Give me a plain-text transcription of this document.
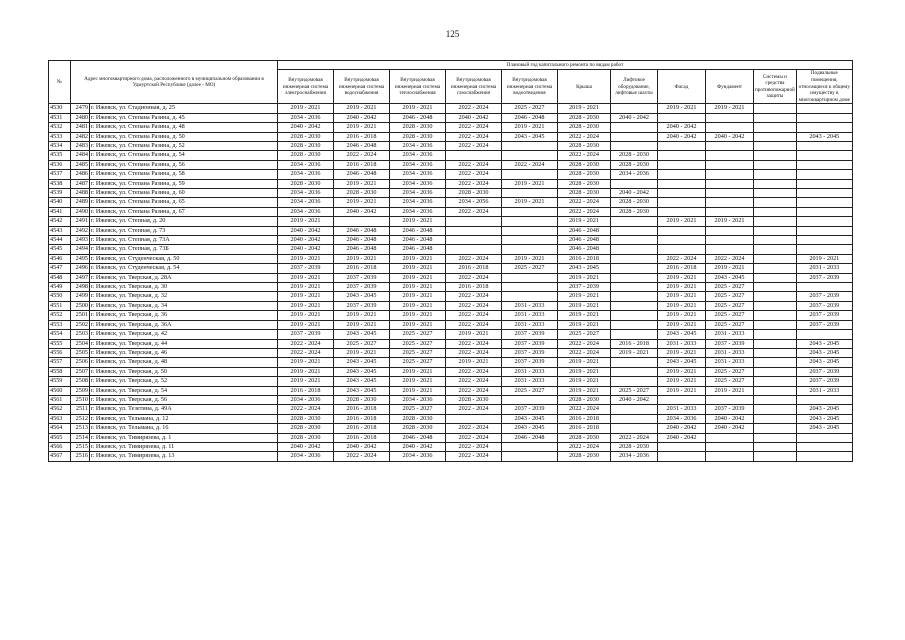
125
№	Адрес многоквартирного дома, расположенного в муниципальном образовании в Удмуртской Республике (далее - МО)		Плановый год капитального ремонта по видам работ										
			Внутридомовая инженерная система электроснабжения	Внутридомовая инженерная система водоснабжения	Внутридомовая инженерная система теплоснабжения	Внутридомовая инженерная система газоснабжения	Внутридомовая инженерная система водоотведения	Крыша	Лифтовое оборудование, лифтовые шахты	Фасад	Фундамент	Системы и средства противопожарной защиты	Подвальные помещения, относящиеся к общему имуществу в многоквартирном доме
4530	2479	г. Ижевск, ул. Стадионная, д. 25	2019 - 2021	2019 - 2021	2019 - 2021	2022 - 2024	2025 - 2027	2019 - 2021		2019 - 2021	2019 - 2021		
4531	2480	г. Ижевск, ул. Степана Разина, д. 45	2034 - 2036	2040 - 2042	2046 - 2048	2040 - 2042	2046 - 2048	2028 - 2030	2040 - 2042				
4532	2481	г. Ижевск, ул. Степана Разина, д. 48	2040 - 2042	2019 - 2021	2028 - 2030	2022 - 2024	2019 - 2021	2028 - 2030		2040 - 2042			
4533	2482	г. Ижевск, ул. Степана Разина, д. 50	2028 - 2030	2016 - 2018	2028 - 2030	2022 - 2024	2043 - 2045	2022 - 2024		2040 - 2042	2040 - 2042		2043 - 2045
4534	2483	г. Ижевск, ул. Степана Разина, д. 52	2028 - 2030	2046 - 2048	2034 - 2036	2022 - 2024		2028 - 2030					
4535	2484	г. Ижевск, ул. Степана Разина, д. 54	2028 - 2030	2022 - 2024	2034 - 2036			2022 - 2024	2028 - 2030				
4536	2485	г. Ижевск, ул. Степана Разина, д. 56	2034 - 2036	2016 - 2018	2034 - 2036	2022 - 2024	2022 - 2024	2028 - 2030	2028 - 2030				
4537	2486	г. Ижевск, ул. Степана Разина, д. 58	2034 - 2036	2046 - 2048	2034 - 2036	2022 - 2024		2028 - 2030	2034 - 2036				
4538	2487	г. Ижевск, ул. Степана Разина, д. 59	2028 - 2030	2019 - 2021	2034 - 2036	2022 - 2024	2019 - 2021	2028 - 2030					
4539	2488	г. Ижевск, ул. Степана Разина, д. 60	2034 - 2036	2028 - 2030	2034 - 2036	2028 - 2030		2028 - 2030	2040 - 2042				
4540	2489	г. Ижевск, ул. Степана Разина, д. 65	2034 - 2036	2019 - 2021	2034 - 2036	2034 - 2056	2019 - 2021	2022 - 2024	2028 - 2030				
4541	2490	г. Ижевск, ул. Степана Разина, д. 67	2034 - 2036	2040 - 2042	2034 - 2036	2022 - 2024		2022 - 2024	2028 - 2030				
4542	2491	г. Ижевск, ул. Степная, д. 20	2019 - 2021		2019 - 2021			2019 - 2021		2019 - 2021	2019 - 2021		
4543	2492	г. Ижевск, ул. Степная, д. 73	2040 - 2042	2046 - 2048	2046 - 2048			2046 - 2048					
4544	2493	г. Ижевск, ул. Степная, д. 73А	2040 - 2042	2046 - 2048	2046 - 2048			2046 - 2048					
4545	2494	г. Ижевск, ул. Степная, д. 73Б	2040 - 2042	2046 - 2048	2046 - 2048			2046 - 2048					
4546	2495	г. Ижевск, ул. Студенческая, д. 50	2019 - 2021	2019 - 2021	2019 - 2021	2022 - 2024	2019 - 2021	2016 - 2018		2022 - 2024	2022 - 2024		2019 - 2021
4547	2496	г. Ижевск, ул. Студенческая, д. 54	2037 - 2039	2016 - 2018	2019 - 2021	2016 - 2018	2025 - 2027	2043 - 2045		2016 - 2018	2019 - 2021		2031 - 2033
4548	2497	г. Ижевск, ул. Тверская, д. 28А	2019 - 2021	2037 - 2039	2019 - 2021	2022 - 2024		2019 - 2021		2019 - 2021	2043 - 2045		2037 - 2039
4549	2498	г. Ижевск, ул. Тверская, д. 30	2019 - 2021	2037 - 2039	2019 - 2021	2016 - 2018		2037 - 2039		2019 - 2021	2025 - 2027		
4550	2499	г. Ижевск, ул. Тверская, д. 32	2019 - 2021	2043 - 2045	2019 - 2021	2022 - 2024		2019 - 2021		2019 - 2021	2025 - 2027		2037 - 2039
4551	2500	г. Ижевск, ул. Тверская, д. 34	2019 - 2021	2037 - 2039	2019 - 2021	2022 - 2024	2031 - 2033	2019 - 2021		2019 - 2021	2025 - 2027		2037 - 2039
4552	2501	г. Ижевск, ул. Тверская, д. 36	2019 - 2021	2019 - 2021	2019 - 2021	2022 - 2024	2031 - 2033	2019 - 2021		2019 - 2021	2025 - 2027		2037 - 2039
4553	2502	г. Ижевск, ул. Тверская, д. 36А	2019 - 2021	2019 - 2021	2019 - 2021	2022 - 2024	2031 - 2033	2019 - 2021		2019 - 2021	2025 - 2027		2037 - 2039
4554	2503	г. Ижевск, ул. Тверская, д. 42	2037 - 2039	2043 - 2045	2025 - 2027	2019 - 2021	2037 - 2039	2025 - 2027		2043 - 2045	2031 - 2033		
4555	2504	г. Ижевск, ул. Тверская, д. 44	2022 - 2024	2025 - 2027	2025 - 2027	2022 - 2024	2037 - 2039	2022 - 2024	2016 - 2018	2031 - 2033	2037 - 2039		2043 - 2045
4556	2505	г. Ижевск, ул. Тверская, д. 46	2022 - 2024	2019 - 2021	2025 - 2027	2022 - 2024	2037 - 2039	2022 - 2024	2019 - 2021	2019 - 2021	2031 - 2033		2043 - 2045
4557	2506	г. Ижевск, ул. Тверская, д. 48	2019 - 2021	2043 - 2045	2025 - 2027	2019 - 2021	2037 - 2039	2019 - 2021		2043 - 2045	2031 - 2033		2043 - 2045
4558	2507	г. Ижевск, ул. Тверская, д. 50	2019 - 2021	2043 - 2045	2019 - 2021	2022 - 2024	2031 - 2033	2019 - 2021		2019 - 2021	2025 - 2027		2037 - 2039
4559	2508	г. Ижевск, ул. Тверская, д. 52	2019 - 2021	2043 - 2045	2019 - 2021	2022 - 2024	2031 - 2033	2019 - 2021		2019 - 2021	2025 - 2027		2037 - 2039
4560	2509	г. Ижевск, ул. Тверская, д. 54	2016 - 2018	2043 - 2045	2019 - 2021	2022 - 2024	2025 - 2027	2019 - 2021	2025 - 2027	2019 - 2021	2019 - 2021		2031 - 2033
4561	2510	г. Ижевск, ул. Тверская, д. 56	2034 - 2036	2028 - 2030	2034 - 2036	2028 - 2030		2028 - 2030	2040 - 2042				
4562	2511	г. Ижевск, ул. Тезетина, д. 49А	2022 - 2024	2016 - 2018	2025 - 2027	2022 - 2024	2037 - 2039	2022 - 2024		2031 - 2033	2037 - 2039		2043 - 2045
4563	2512	г. Ижевск, ул. Тельмана, д. 12	2028 - 2030	2016 - 2018	2028 - 2030		2043 - 2045	2016 - 2018		2034 - 2036	2040 - 2042		2043 - 2045
4564	2513	г. Ижевск, ул. Тельмана, д. 16	2028 - 2030	2016 - 2018	2028 - 2030	2022 - 2024	2043 - 2045	2016 - 2018		2040 - 2042	2040 - 2042		2043 - 2045
4565	2514	г. Ижевск, ул. Тимирязева, д. 1	2028 - 2030	2016 - 2018	2046 - 2048	2022 - 2024	2046 - 2048	2028 - 2030	2022 - 2024	2040 - 2042			
4566	2515	г. Ижевск, ул. Тимирязева, д. 11	2040 - 2042	2040 - 2042	2040 - 2042	2022 - 2024		2022 - 2024	2028 - 2030				
4567	2516	г. Ижевск, ул. Тимирязева, д. 13	2034 - 2036	2022 - 2024	2034 - 2036	2022 - 2024		2028 - 2030	2034 - 2036				
